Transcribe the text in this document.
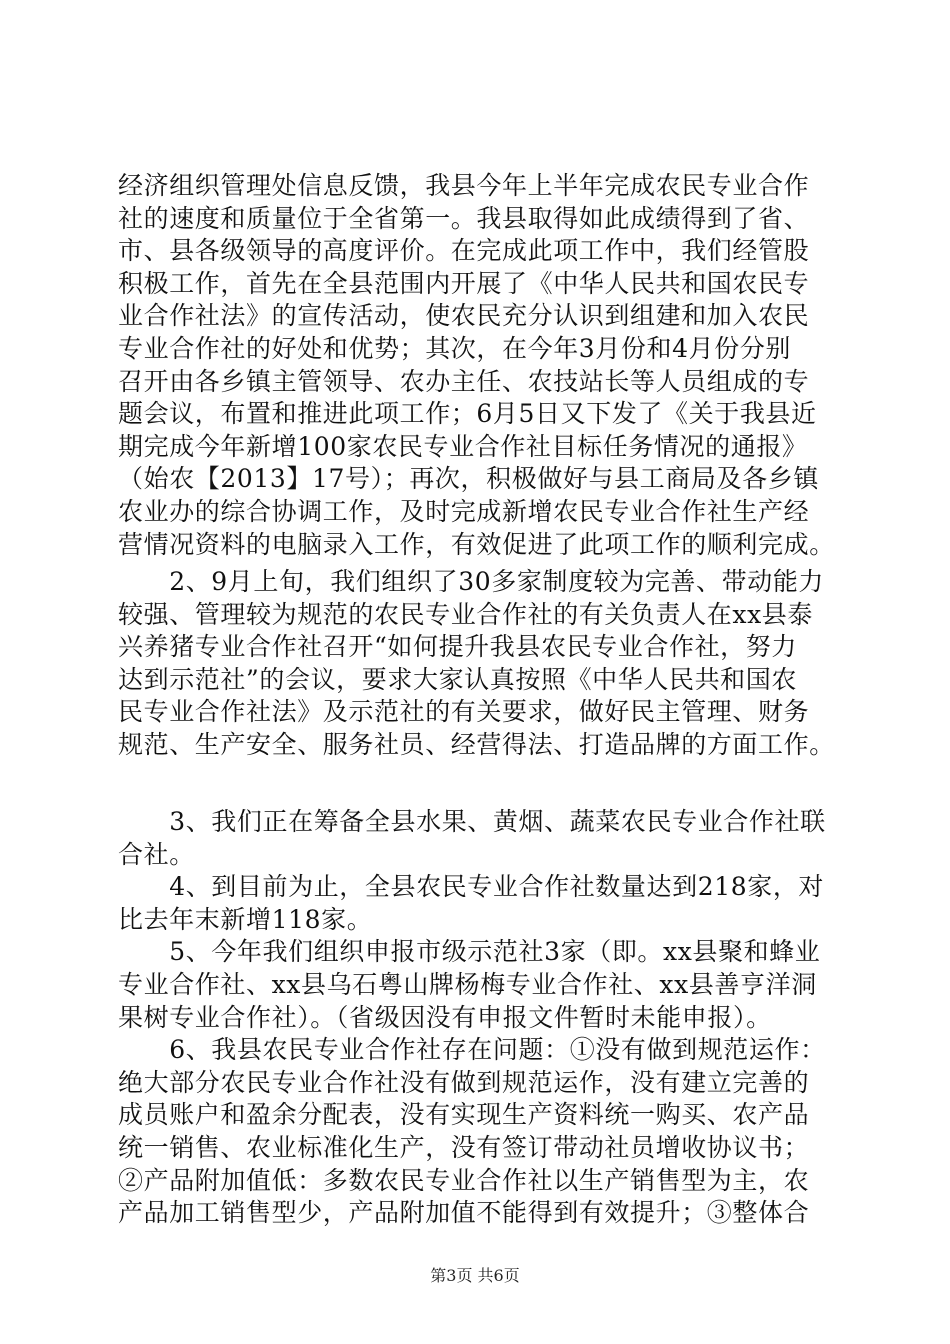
经济组织管理处信息反馈，我县今年上半年完成农民专业合作
社的速度和质量位于全省第一。我县取得如此成绩得到了省、
市、县各级领导的高度评价。在完成此项工作中，我们经管股
积极工作，首先在全县范围内开展了《中华人民共和国农民专
业合作社法》的宣传活动，使农民充分认识到组建和加入农民
专业合作社的好处和优势；其次，在今年3月份和4月份分别
召开由各乡镇主管领导、农办主任、农技站长等人员组成的专
题会议，布置和推进此项工作；6月5日又下发了《关于我县近
期完成今年新增100家农民专业合作社目标任务情况的通报》
（始农【2013】17号）；再次，积极做好与县工商局及各乡镇
农业办的综合协调工作，及时完成新增农民专业合作社生产经
营情况资料的电脑录入工作，有效促进了此项工作的顺利完成。
　　2、9月上旬，我们组织了30多家制度较为完善、带动能力
较强、管理较为规范的农民专业合作社的有关负责人在xx县泰
兴养猪专业合作社召开“如何提升我县农民专业合作社，努力
达到示范社”的会议，要求大家认真按照《中华人民共和国农
民专业合作社法》及示范社的有关要求，做好民主管理、财务
规范、生产安全、服务社员、经营得法、打造品牌的方面工作。
　　3、我们正在筹备全县水果、黄烟、蔬菜农民专业合作社联
合社。
　　4、到目前为止，全县农民专业合作社数量达到218家，对
比去年末新增118家。
　　5、今年我们组织申报市级示范社3家（即。xx县聚和蜂业
专业合作社、xx县乌石粤山牌杨梅专业合作社、xx县善亨洋洞
果树专业合作社）。（省级因没有申报文件暂时未能申报）。
　　6、我县农民专业合作社存在问题：①没有做到规范运作：
绝大部分农民专业合作社没有做到规范运作，没有建立完善的
成员账户和盈余分配表，没有实现生产资料统一购买、农产品
统一销售、农业标准化生产，没有签订带动社员增收协议书；
②产品附加值低：多数农民专业合作社以生产销售型为主，农
产品加工销售型少，产品附加值不能得到有效提升；③整体合
第3页 共6页
